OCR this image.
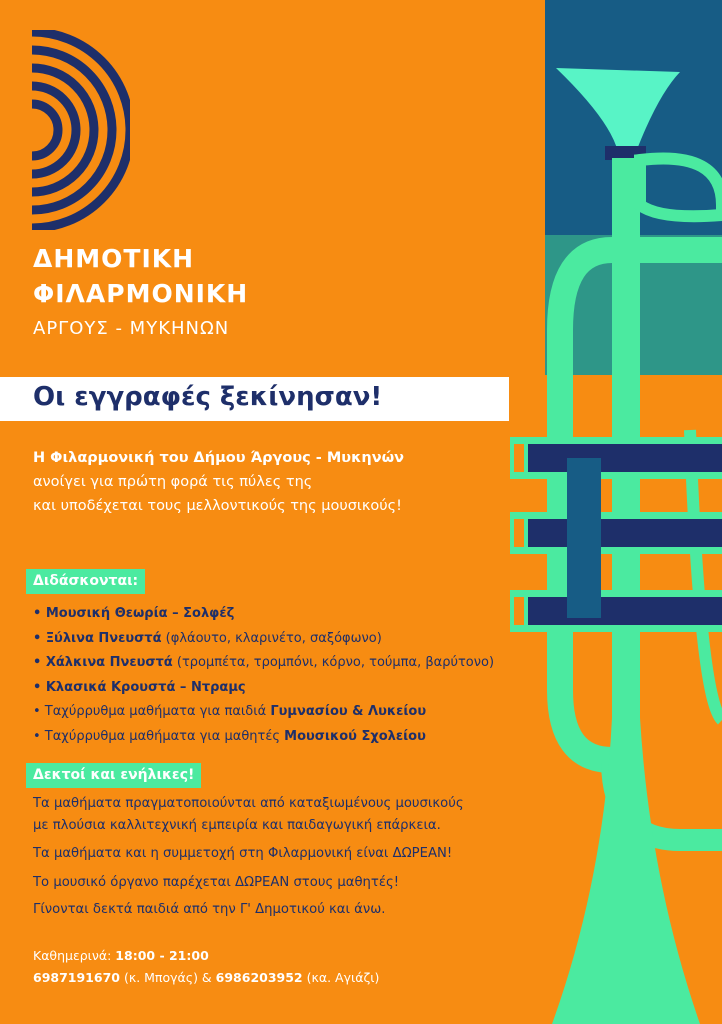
ΔΗΜΟΤΙΚΗ
ΦΙΛΑΡΜΟΝΙΚΗ
ΑΡΓΟΥΣ - ΜΥΚΗΝΩΝ
Οι εγγραφές ξεκίνησαν!
Η Φιλαρμονική του Δήμου Άργους - Μυκηνών
ανοίγει για πρώτη φορά τις πύλες της
και υποδέχεται τους μελλοντικούς της μουσικούς!
Διδάσκονται:
• Μουσική Θεωρία – Σολφέζ
• Ξύλινα Πνευστά (φλάουτο, κλαρινέτο, σαξόφωνο)
• Χάλκινα Πνευστά (τρομπέτα, τρομπόνι, κόρνο, τούμπα, βαρύτονο)
• Κλασικά Κρουστά – Ντραμς
• Ταχύρρυθμα μαθήματα για παιδιά Γυμνασίου & Λυκείου
• Ταχύρρυθμα μαθήματα για μαθητές Μουσικού Σχολείου
Δεκτοί και ενήλικες!
Τα μαθήματα πραγματοποιούνται από καταξιωμένους μουσικούς
με πλούσια καλλιτεχνική εμπειρία και παιδαγωγική επάρκεια.
Τα μαθήματα και η συμμετοχή στη Φιλαρμονική είναι ΔΩΡΕΑΝ!
Το μουσικό όργανο παρέχεται ΔΩΡΕΑΝ στους μαθητές!
Γίνονται δεκτά παιδιά από την Γ' Δημοτικού και άνω.
Καθημερινά: 18:00 - 21:00
6987191670 (κ. Μπογάς) & 6986203952 (κα. Αγιάζι)
